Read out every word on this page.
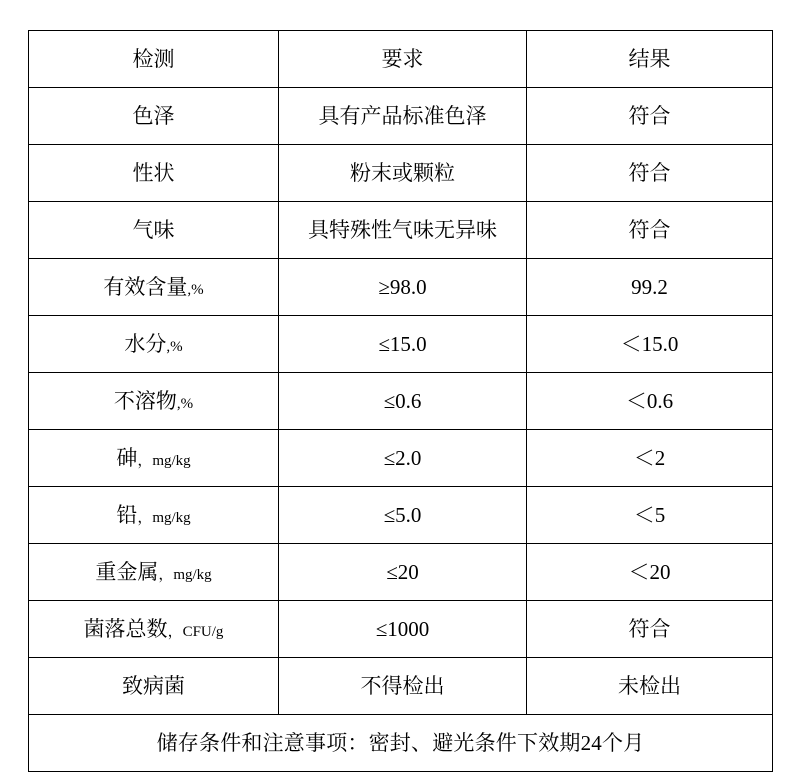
检测	要求	结果
色泽	具有产品标准色泽	符合
性状	粉末或颗粒	符合
气味	具特殊性气味无异味	符合
有效含量,%	≥98.0	99.2
水分,%	≤15.0	＜15.0
不溶物,%	≤0.6	＜0.6
砷，mg/kg	≤2.0	＜2
铅，mg/kg	≤5.0	＜5
重金属，mg/kg	≤20	＜20
菌落总数，CFU/g	≤1000	符合
致病菌	不得检出	未检出
储存条件和注意事项：密封、避光条件下效期24个月		
